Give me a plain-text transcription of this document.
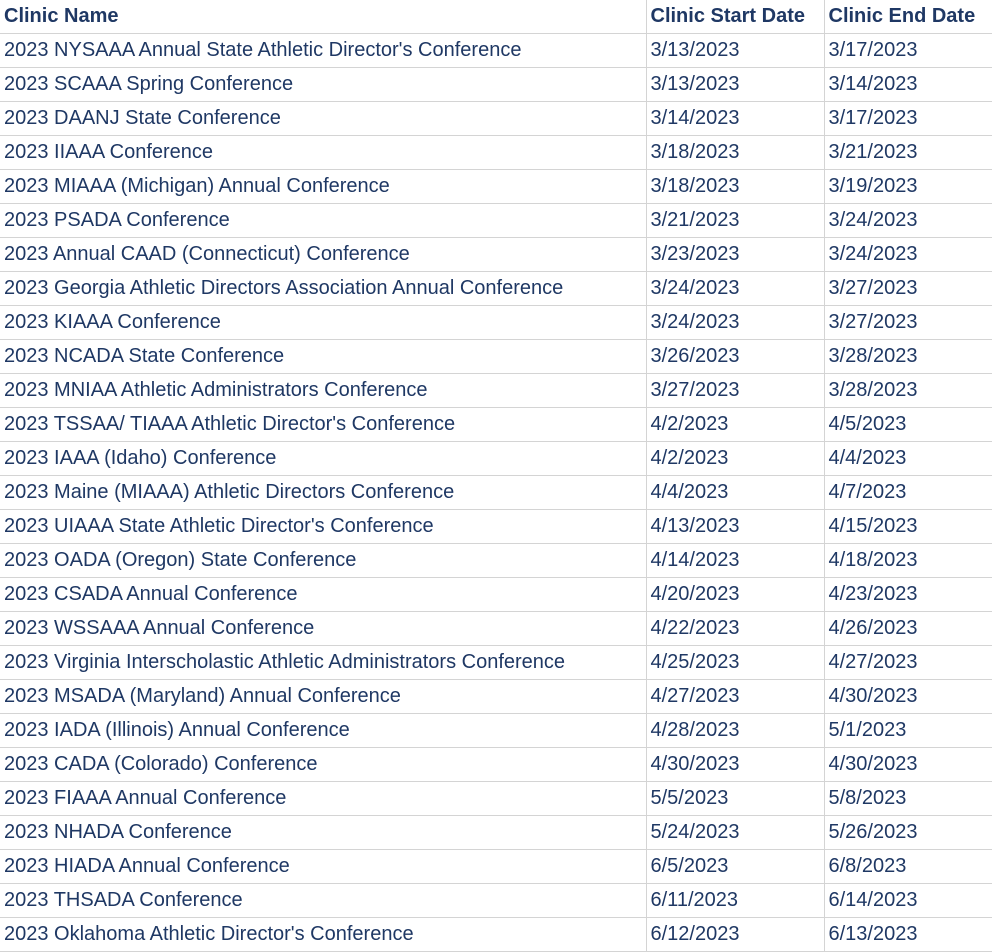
Clinic Name	Clinic Start Date	Clinic End Date
2023 NYSAAA Annual State Athletic Director's Conference	3/13/2023	3/17/2023
2023 SCAAA Spring Conference	3/13/2023	3/14/2023
2023 DAANJ State Conference	3/14/2023	3/17/2023
2023 IIAAA Conference	3/18/2023	3/21/2023
2023 MIAAA (Michigan) Annual Conference	3/18/2023	3/19/2023
2023 PSADA Conference	3/21/2023	3/24/2023
2023 Annual CAAD (Connecticut) Conference	3/23/2023	3/24/2023
2023 Georgia Athletic Directors Association Annual Conference	3/24/2023	3/27/2023
2023 KIAAA Conference	3/24/2023	3/27/2023
2023 NCADA State Conference	3/26/2023	3/28/2023
2023 MNIAA Athletic Administrators Conference	3/27/2023	3/28/2023
2023 TSSAA/ TIAAA Athletic Director's Conference	4/2/2023	4/5/2023
2023 IAAA (Idaho) Conference	4/2/2023	4/4/2023
2023 Maine (MIAAA) Athletic Directors Conference	4/4/2023	4/7/2023
2023 UIAAA State Athletic Director's Conference	4/13/2023	4/15/2023
2023 OADA (Oregon) State Conference	4/14/2023	4/18/2023
2023 CSADA Annual Conference	4/20/2023	4/23/2023
2023 WSSAAA Annual Conference	4/22/2023	4/26/2023
2023 Virginia Interscholastic Athletic Administrators Conference	4/25/2023	4/27/2023
2023 MSADA (Maryland) Annual Conference	4/27/2023	4/30/2023
2023 IADA (Illinois) Annual Conference	4/28/2023	5/1/2023
2023 CADA (Colorado) Conference	4/30/2023	4/30/2023
2023 FIAAA Annual Conference	5/5/2023	5/8/2023
2023 NHADA Conference	5/24/2023	5/26/2023
2023 HIADA Annual Conference	6/5/2023	6/8/2023
2023 THSADA Conference	6/11/2023	6/14/2023
2023 Oklahoma Athletic Director's Conference	6/12/2023	6/13/2023
